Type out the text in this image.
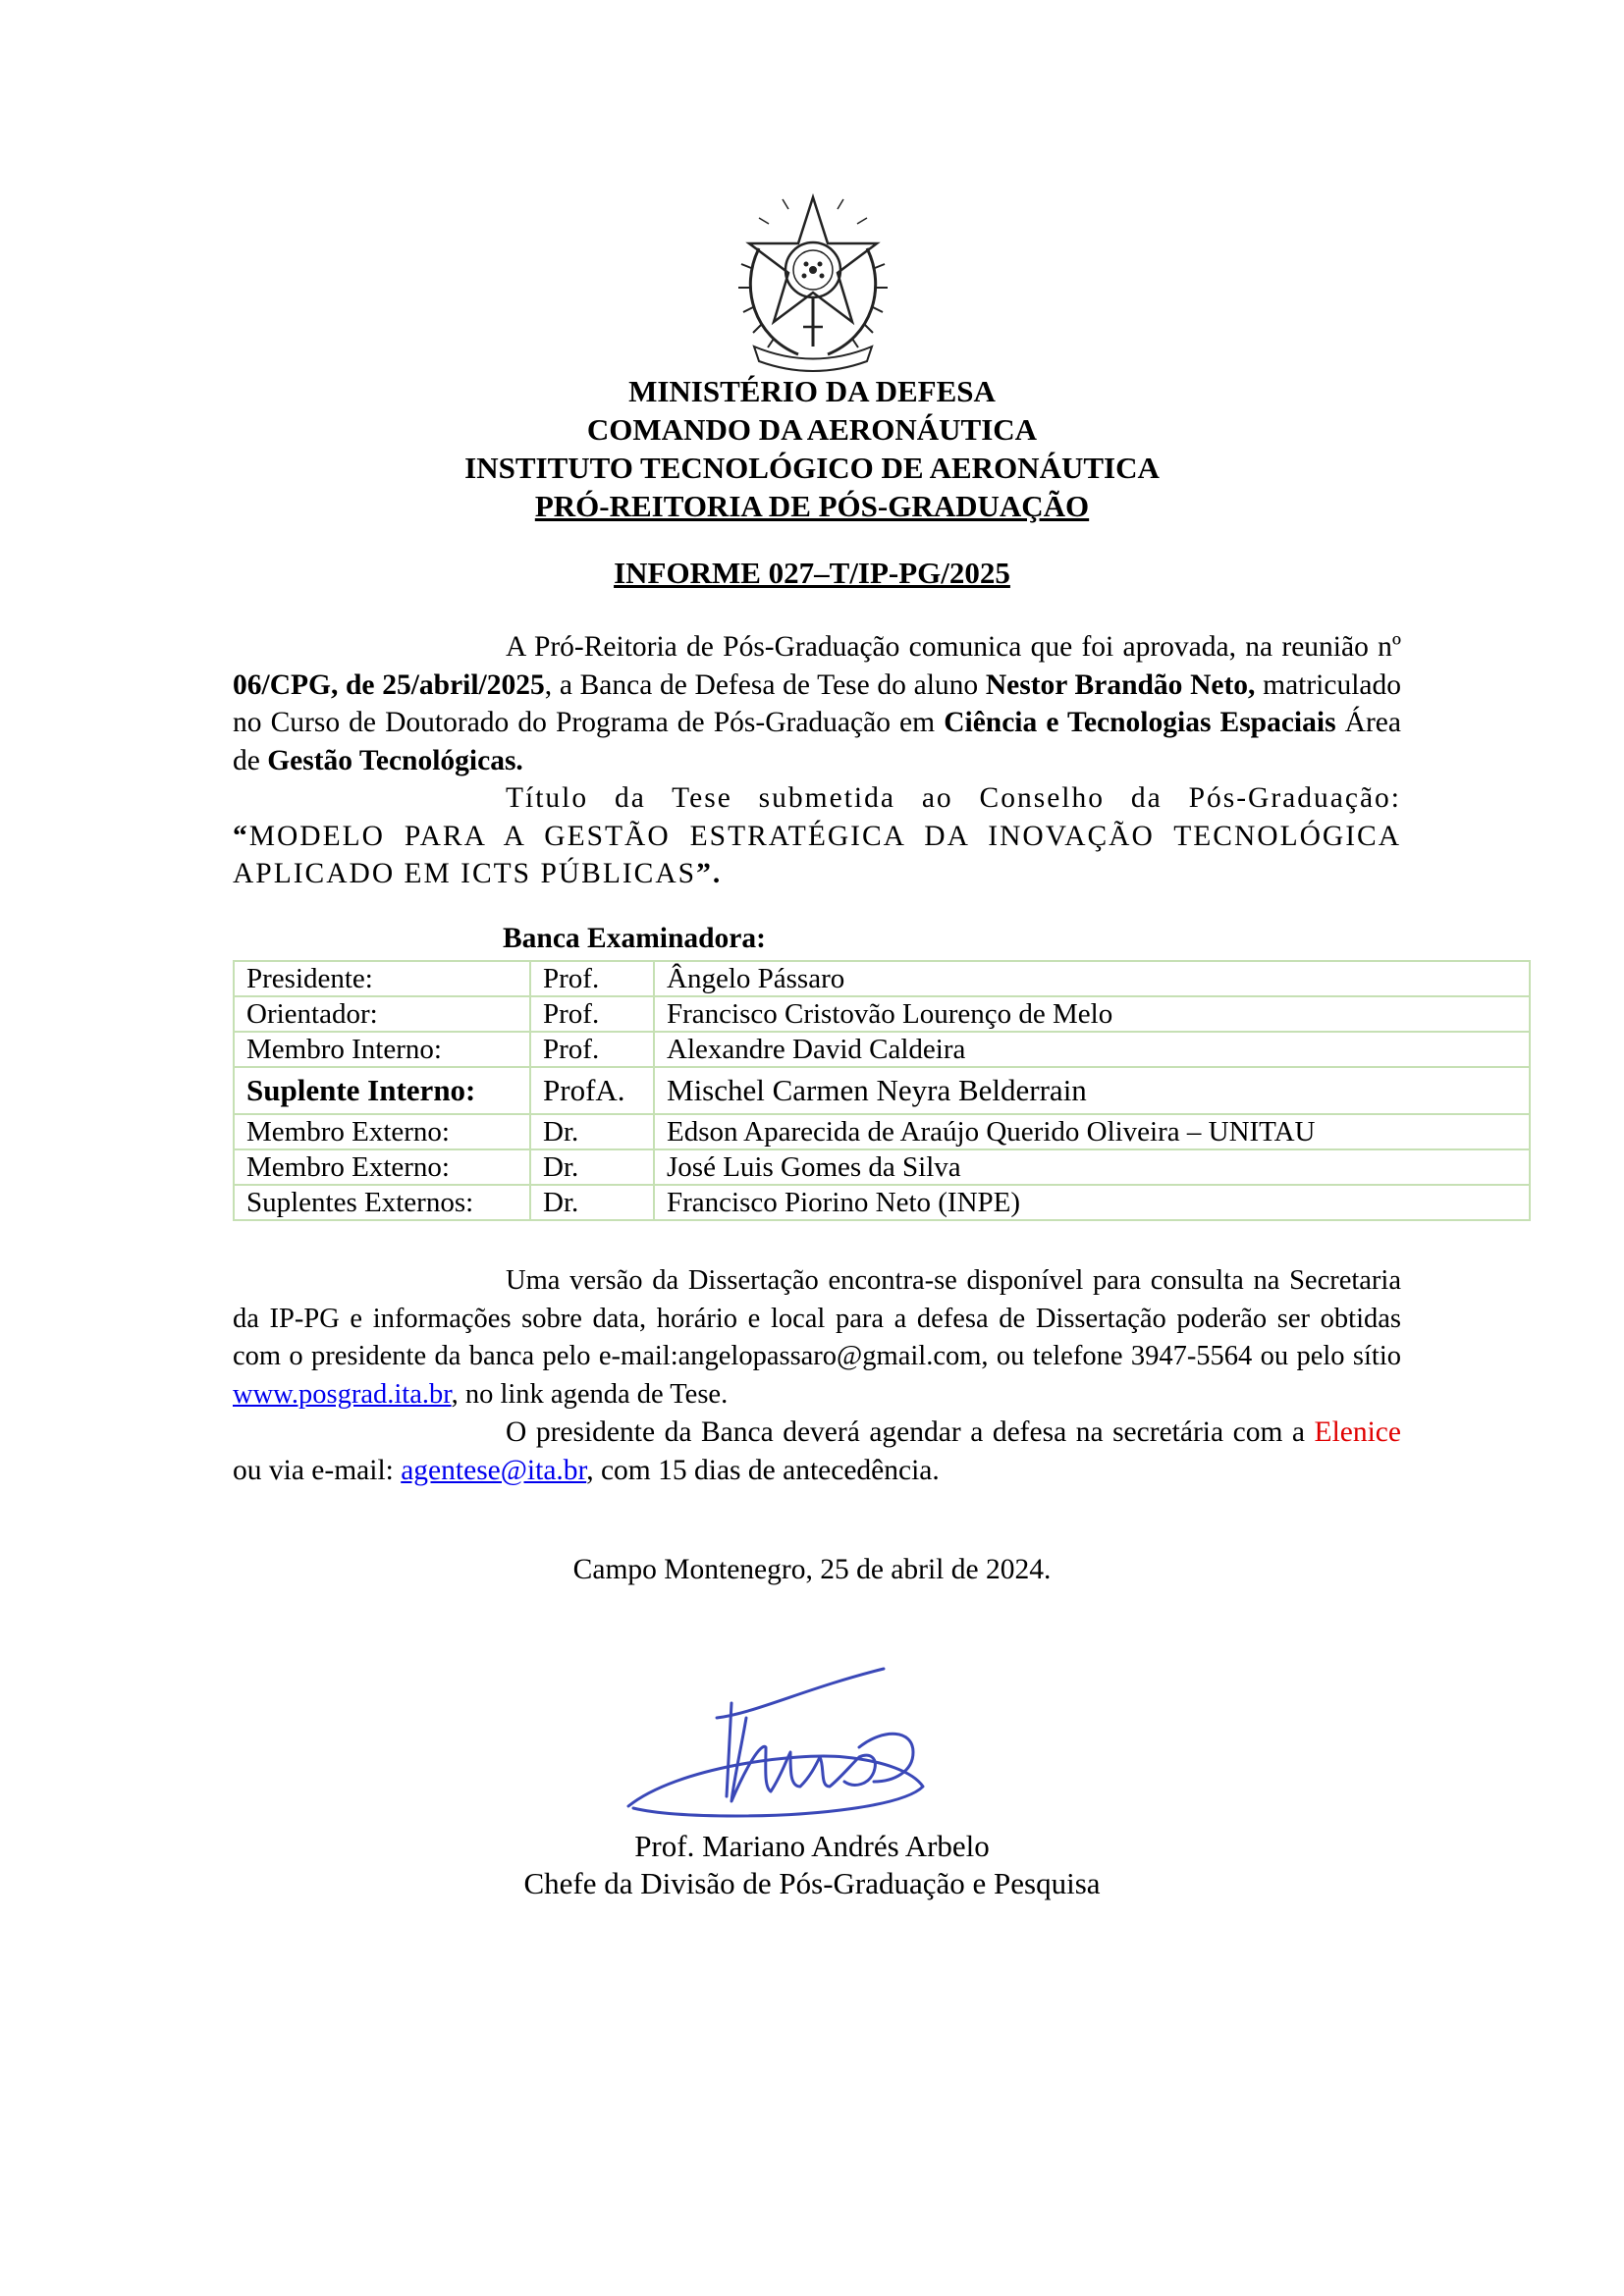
MINISTÉRIO DA DEFESA
COMANDO DA AERONÁUTICA
INSTITUTO TECNOLÓGICO DE AERONÁUTICA
PRÓ-REITORIA DE PÓS-GRADUAÇÃO
INFORME 027–T/IP-PG/2025

A Pró-Reitoria de Pós-Graduação comunica que foi aprovada, na reunião nº 06/CPG, de 25/abril/2025, a Banca de Defesa de Tese do aluno Nestor Brandão Neto, matriculado no Curso de Doutorado do Programa de Pós-Graduação em Ciência e Tecnologias Espaciais Área de Gestão Tecnológicas.

Título da Tese submetida ao Conselho da Pós-Graduação: “MODELO PARA A GESTÃO ESTRATÉGICA DA INOVAÇÃO TECNOLÓGICA APLICADO EM ICTS PÚBLICAS”.

Banca Examinadora:
Presidente:	Prof.	Ângelo Pássaro
Orientador:	Prof.	Francisco Cristovão Lourenço de Melo
Membro Interno:	Prof.	Alexandre David Caldeira
Suplente Interno:	ProfA.	Mischel Carmen Neyra Belderrain
Membro Externo:	Dr.	Edson Aparecida de Araújo Querido Oliveira – UNITAU
Membro Externo:	Dr.	José Luis Gomes da Silva
Suplentes Externos:	Dr.	Francisco Piorino Neto (INPE)

Uma versão da Dissertação encontra-se disponível para consulta na Secretaria da IP-PG e informações sobre data, horário e local para a defesa de Dissertação poderão ser obtidas com o presidente da banca pelo e-mail:angelopassaro@gmail.com, ou telefone 3947-5564 ou pelo sítio www.posgrad.ita.br, no link agenda de Tese.

O presidente da Banca deverá agendar a defesa na secretária com a Elenice ou via e-mail: agentese@ita.br, com 15 dias de antecedência.

Campo Montenegro, 25 de abril de 2024.
Prof. Mariano Andrés Arbelo
Chefe da Divisão de Pós-Graduação e Pesquisa
